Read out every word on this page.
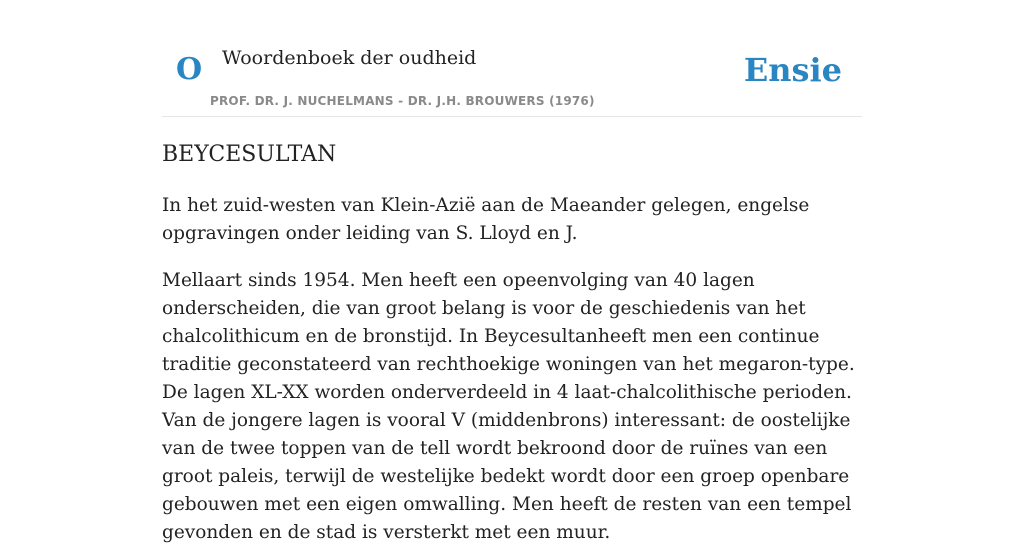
O Woordenboek der oudheid
PROF. DR. J. NUCHELMANS - DR. J.H. BROUWERS (1976)
Ensie
BEYCESULTAN

In het zuid-westen van Klein-Azië aan de Maeander gelegen, engelse opgravingen onder leiding van S. Lloyd en J.

Mellaart sinds 1954. Men heeft een opeenvolging van 40 lagen onderscheiden, die van groot belang is voor de geschiedenis van het chalcolithicum en de bronstijd. In Beycesultanheeft men een continue traditie geconstateerd van rechthoekige woningen van het megaron-type. De lagen XL-XX worden onderverdeeld in 4 laat-chalcolithische perioden. Van de jongere lagen is vooral V (middenbrons) interessant: de oostelijke van de twee toppen van de tell wordt bekroond door de ruïnes van een groot paleis, terwijl de westelijke bedekt wordt door een groep openbare gebouwen met een eigen omwalling. Men heeft de resten van een tempel gevonden en de stad is versterkt met een muur.
